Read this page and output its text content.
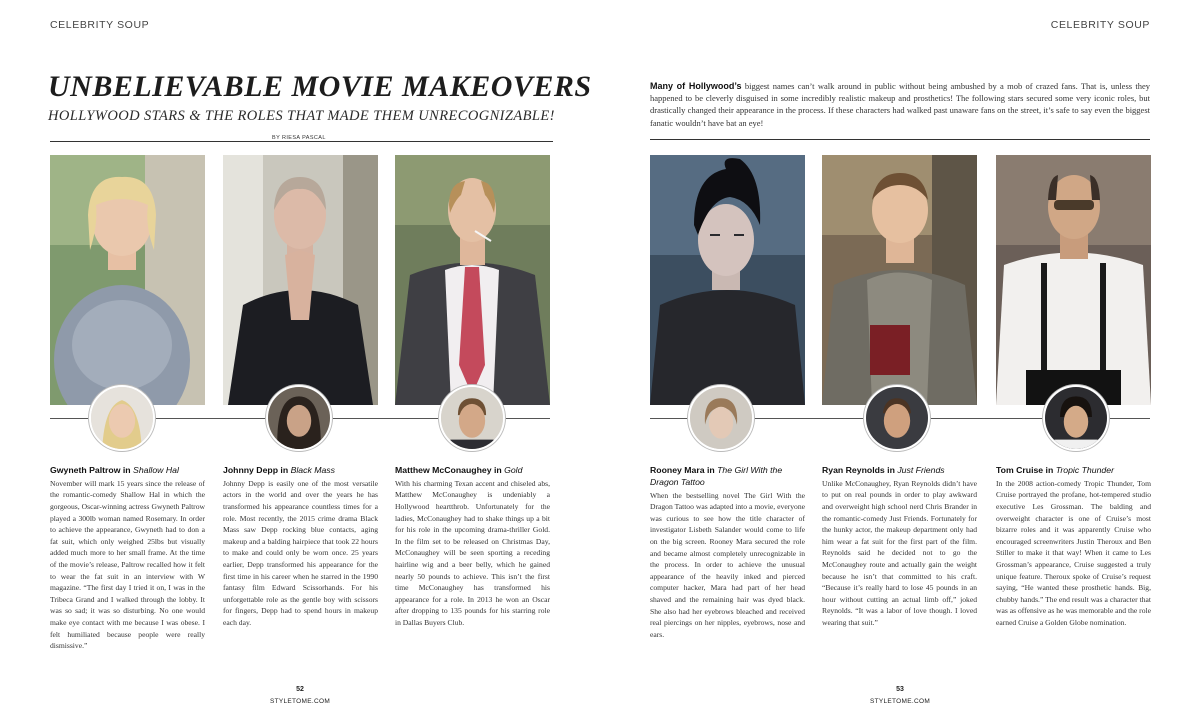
CELEBRITY SOUP	CELEBRITY SOUP
UNBELIEVABLE MOVIE MAKEOVERS
HOLLYWOOD STARS & THE ROLES THAT MADE THEM UNRECOGNIZABLE!
BY RIESA PASCAL
Many of Hollywood’s biggest names can’t walk around in public without being ambushed by a mob of crazed fans. That is, unless they happened to be cleverly disguised in some incredibly realistic makeup and prosthetics! The following stars secured some very iconic roles, but drastically changed their appearance in the process. If these characters had walked past unaware fans on the street, it’s safe to say even the biggest fanatic wouldn’t have bat an eye!
Gwyneth Paltrow in Shallow Hal
November will mark 15 years since the release of the romantic-comedy Shallow Hal in which the gorgeous, Oscar-winning actress Gwyneth Paltrow played a 300lb woman named Rosemary. In order to achieve the appearance, Gwyneth had to don a fat suit, which only weighed 25lbs but visually added much more to her small frame. At the time of the movie’s release, Paltrow recalled how it felt to wear the fat suit in an interview with W magazine. “The first day I tried it on, I was in the Tribeca Grand and I walked through the lobby. It was so sad; it was so disturbing. No one would make eye contact with me because I was obese. I felt humiliated because people were really dismissive.”
Johnny Depp in Black Mass
Johnny Depp is easily one of the most versatile actors in the world and over the years he has transformed his appearance countless times for a role. Most recently, the 2015 crime drama Black Mass saw Depp rocking blue contacts, aging makeup and a balding hairpiece that took 22 hours to make and could only be worn once. 25 years earlier, Depp transformed his appearance for the first time in his career when he starred in the 1990 fantasy film Edward Scissorhands. For his unforgettable role as the gentle boy with scissors for fingers, Depp had to spend hours in makeup each day.
Matthew McConaughey in Gold
With his charming Texan accent and chiseled abs, Matthew McConaughey is undeniably a Hollywood heartthrob. Unfortunately for the ladies, McConaughey had to shake things up a bit for his role in the upcoming drama-thriller Gold. In the film set to be released on Christmas Day, McConaughey will be seen sporting a receding hairline wig and a beer belly, which he gained nearly 50 pounds to achieve. This isn’t the first time McConaughey has transformed his appearance for a role. In 2013 he won an Oscar after dropping to 135 pounds for his starring role in Dallas Buyers Club.
Rooney Mara in The Girl With the Dragon Tattoo
When the bestselling novel The Girl With the Dragon Tattoo was adapted into a movie, everyone was curious to see how the title character of investigator Lisbeth Salander would come to life on the big screen. Rooney Mara secured the role and became almost completely unrecognizable in the process. In order to achieve the unusual appearance of the heavily inked and pierced computer hacker, Mara had part of her head shaved and the remaining hair was dyed black. She also had her eyebrows bleached and received real piercings on her nipples, eyebrows, nose and ears.
Ryan Reynolds in Just Friends
Unlike McConaughey, Ryan Reynolds didn’t have to put on real pounds in order to play awkward and overweight high school nerd Chris Brander in the romantic-comedy Just Friends. Fortunately for the hunky actor, the makeup department only had him wear a fat suit for the first part of the film. Reynolds said he decided not to go the McConaughey route and actually gain the weight because he isn’t that committed to his craft. “Because it’s really hard to lose 45 pounds in an hour without cutting an actual limb off,” joked Reynolds. “It was a labor of love though. I loved wearing that suit.”
Tom Cruise in Tropic Thunder
In the 2008 action-comedy Tropic Thunder, Tom Cruise portrayed the profane, hot-tempered studio executive Les Grossman. The balding and overweight character is one of Cruise’s most bizarre roles and it was apparently Cruise who encouraged screenwriters Justin Theroux and Ben Stiller to make it that way! When it came to Les Grossman’s appearance, Cruise suggested a truly unique feature. Theroux spoke of Cruise’s request saying, “He wanted these prosthetic hands. Big, chubby hands.” The end result was a character that was as offensive as he was memorable and the role earned Cruise a Golden Globe nomination.
52
STYLETOME.COM
53
STYLETOME.COM
